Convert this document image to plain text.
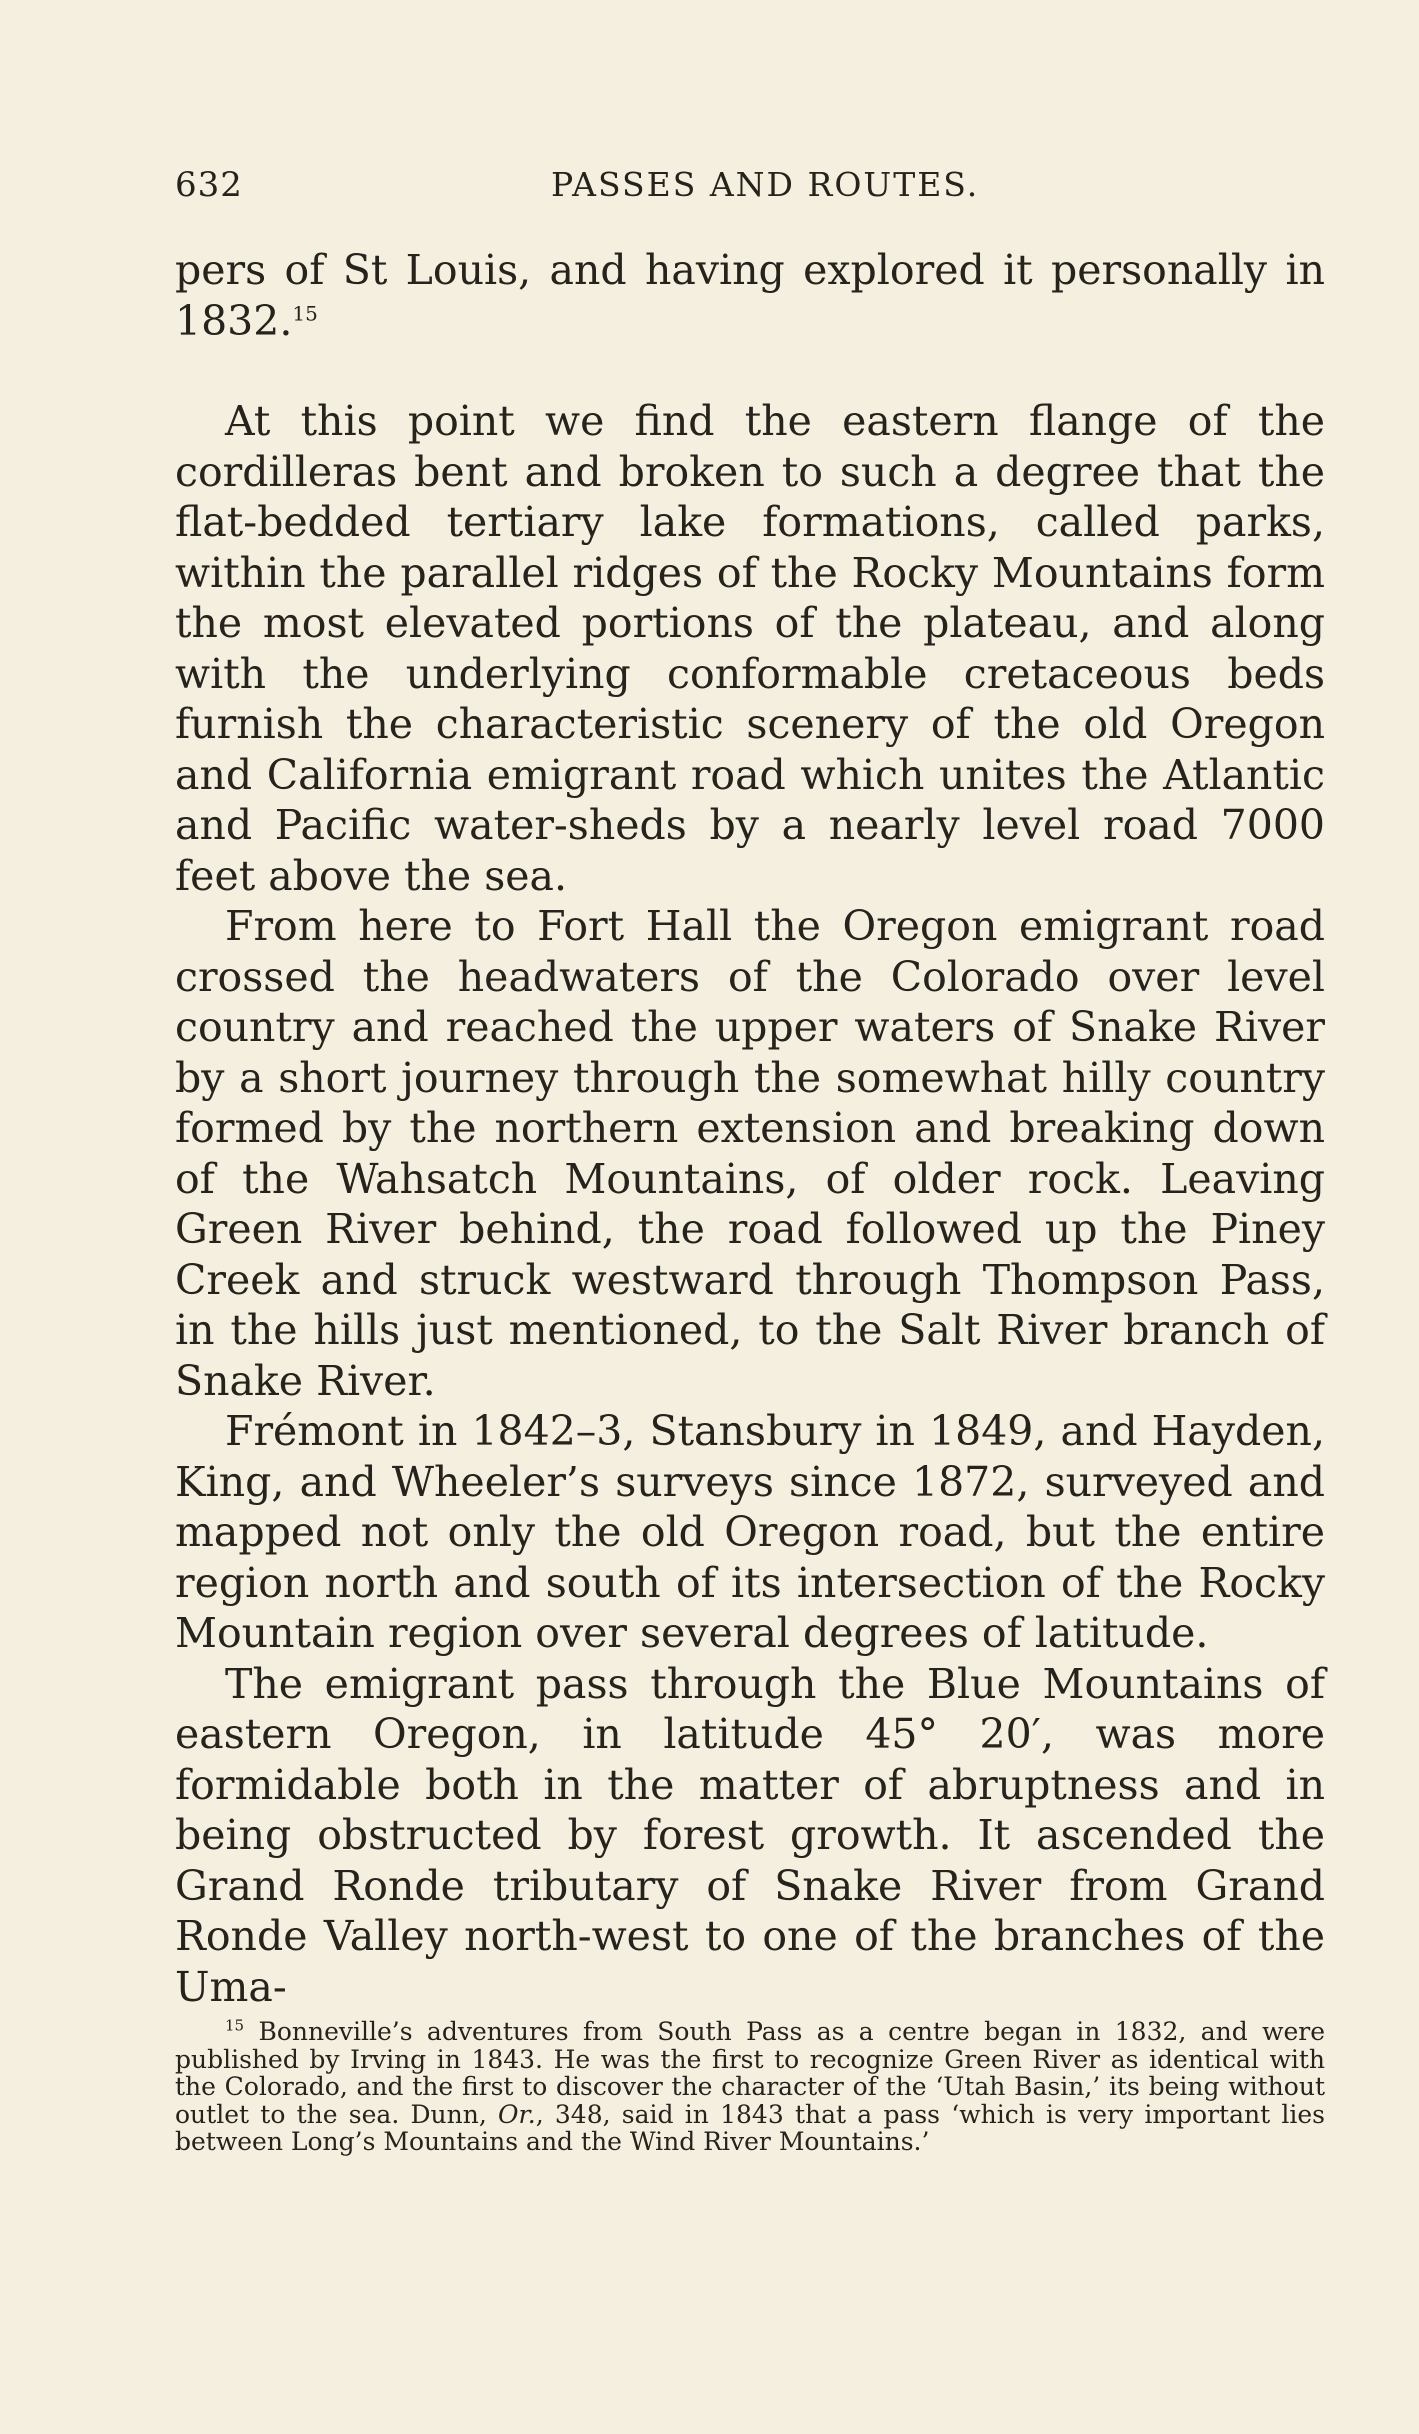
632	PASSES AND ROUTES.

pers of St Louis, and having explored it personally in 1832.15

At this point we find the eastern flange of the cordilleras bent and broken to such a degree that the flat-bedded tertiary lake formations, called parks, within the parallel ridges of the Rocky Mountains form the most elevated portions of the plateau, and along with the underlying conformable cretaceous beds furnish the characteristic scenery of the old Oregon and California emigrant road which unites the Atlantic and Pacific water-sheds by a nearly level road 7000 feet above the sea.

From here to Fort Hall the Oregon emigrant road crossed the headwaters of the Colorado over level country and reached the upper waters of Snake River by a short journey through the somewhat hilly country formed by the northern extension and breaking down of the Wahsatch Mountains, of older rock. Leaving Green River behind, the road followed up the Piney Creek and struck westward through Thompson Pass, in the hills just mentioned, to the Salt River branch of Snake River.

Frémont in 1842–3, Stansbury in 1849, and Hayden, King, and Wheeler’s surveys since 1872, surveyed and mapped not only the old Oregon road, but the entire region north and south of its intersection of the Rocky Mountain region over several degrees of latitude.

The emigrant pass through the Blue Mountains of eastern Oregon, in latitude 45° 20′, was more formidable both in the matter of abruptness and in being obstructed by forest growth. It ascended the Grand Ronde tributary of Snake River from Grand Ronde Valley north-west to one of the branches of the Uma-

$^{15}$ Bonneville’s adventures from South Pass as a centre began in 1832, and were published by Irving in 1843. He was the first to recognize Green River as identical with the Colorado, and the first to discover the character of the ‘Utah Basin,’ its being without outlet to the sea. Dunn, Or., 348, said in 1843 that a pass ‘which is very important lies between Long’s Mountains and the Wind River Mountains.’
